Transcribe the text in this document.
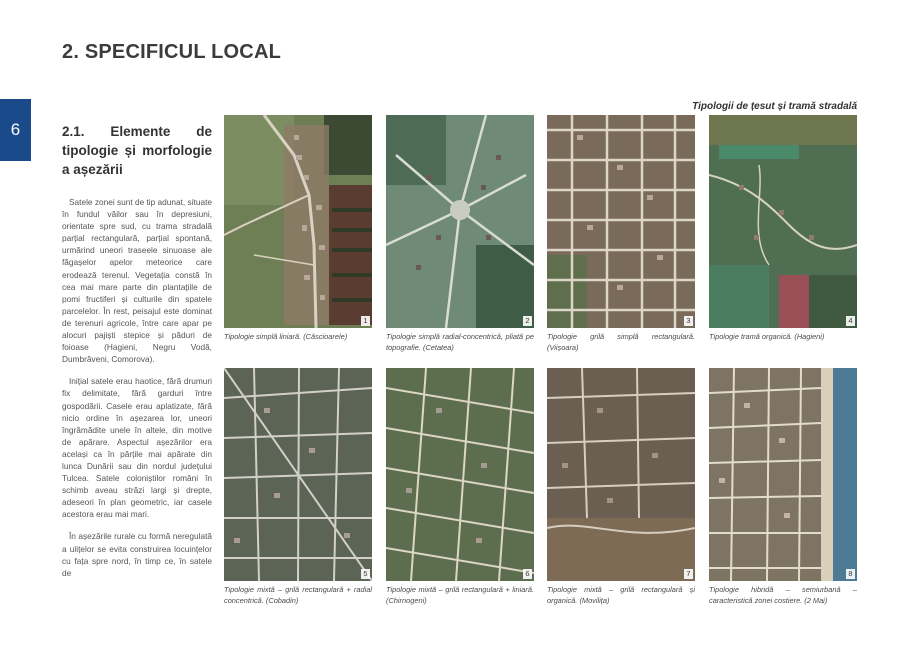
2. SPECIFICUL LOCAL
6
Tipologii de țesut și tramă stradală
2.1. Elemente de tipologie și morfologie a așezării

Satele zonei sunt de tip adunat, situate în fundul văilor sau în depresiuni, orientate spre sud, cu trama stradală parțial rectangulară, parțial spontană, urmărind uneori traseele sinuoase ale făgașelor apelor meteorice care erodează terenul. Vegetația constă în cea mai mare parte din plantațiile de pomi fructiferi și culturile din spatele parcelelor. În rest, peisajul este dominat de terenuri agricole, între care apar pe alocuri pajiști stepice și păduri de foioase (Hagieni, Negru Vodă, Dumbrăveni, Comorova).

Inițial satele erau haotice, fără drumuri fix delimitate, fără garduri între gospodării. Casele erau aplatizate, fără nicio ordine în așezarea lor, uneori îngrămădite unele în altele, din motive de apărare. Aspectul așezărilor era același ca în părțile mai apărate din lunca Dunării sau din nordul județului Tulcea. Satele coloniștilor români în schimb aveau străzi largi și drepte, adeseori în plan geometric, iar casele acestora erau mai mari.

În așezările rurale cu formă neregulată a ulițelor se evita construirea locuințelor cu fața spre nord, în timp ce, în satele de

1
Tipologie simplă liniară. (Căscioarele)
2
Tipologie simplă radial-concentrică, pliată pe topografie. (Cetatea)
3
Tipologie grilă simplă rectangulară. (Viișoara)
4
Tipologie tramă organică. (Hagieni)
5
Tipologie mixtă – grilă rectangulară + radial concentrică. (Cobadin)
6
Tipologie mixtă – grilă rectangulară + liniară. (Chirnogeni)
7
Tipologie mixtă – grilă rectangulară și organică. (Movilița)
8
Tipologie hibridă – semiurbană – caracteristică zonei costiere. (2 Mai)
